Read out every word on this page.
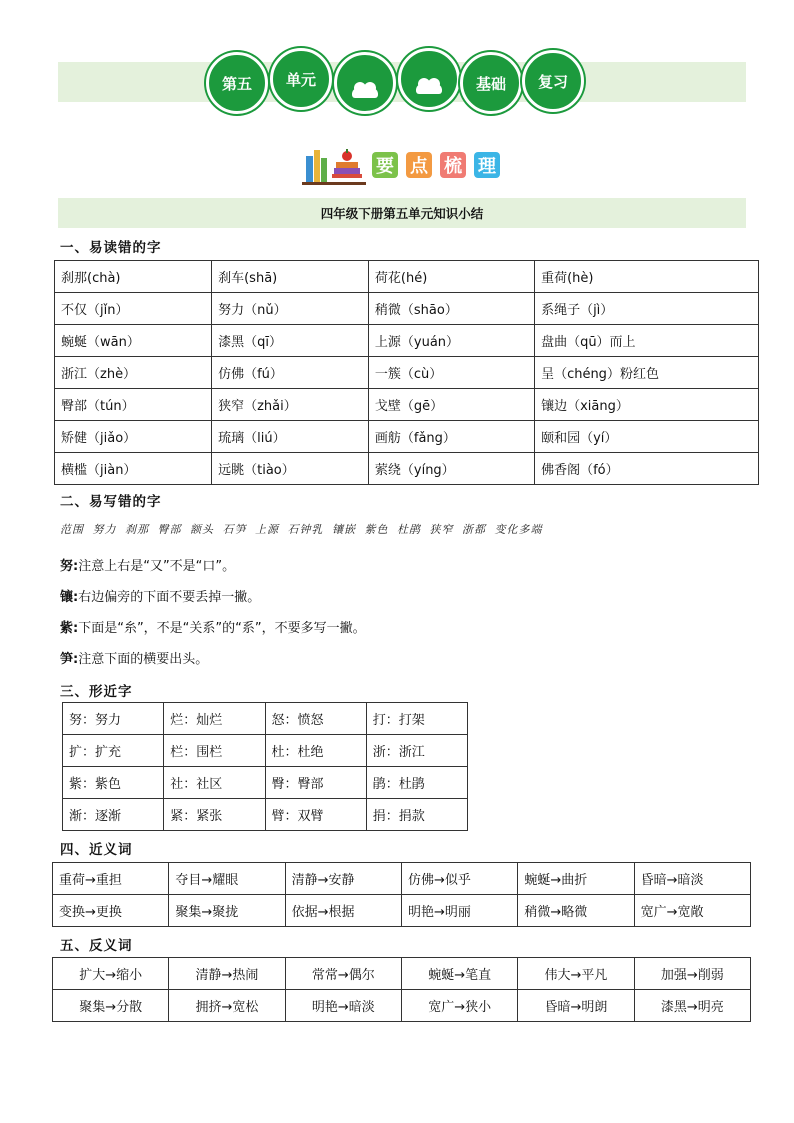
第五 单元	基础 复习
要 点 梳 理
四年级下册第五单元知识小结
一、易读错的字
刹那(chà)	刹车(shā)	荷花(hé)	重荷(hè)
不仅（jǐn）	努力（nǔ）	稍微（shāo）	系绳子（jì）
蜿蜒（wān）	漆黑（qī）	上源（yuán）	盘曲（qū）而上
浙江（zhè）	仿佛（fú）	一簇（cù）	呈（chéng）粉红色
臀部（tún）	狭窄（zhǎi）	戈壁（gē）	镶边（xiāng）
矫健（jiǎo）	琉璃（liú）	画舫（fǎng）	颐和园（yí）
横槛（jiàn）	远眺（tiào）	萦绕（yíng）	佛香阁（fó）
二、易写错的字
范围 努力 刹那 臀部 额头 石笋 上源 石钟乳 镶嵌 紫色 杜鹃 狭窄 浙都 变化多端
努:注意上右是“又”不是“口”。
镶:右边偏旁的下面不要丢掉一撇。
紫:下面是“糸”，不是“关系”的“系”，不要多写一撇。
笋:注意下面的横要出头。
三、形近字
努：努力	烂：灿烂	怒：愤怒	打：打架
扩：扩充	栏：围栏	杜：杜绝	浙：浙江
紫：紫色	社：社区	臀：臀部	鹃：杜鹃
渐：逐渐	紧：紧张	臂：双臂	捐：捐款
四、近义词
重荷→重担	夺目→耀眼	清静→安静	仿佛→似乎	蜿蜒→曲折	昏暗→暗淡
变换→更换	聚集→聚拢	依据→根据	明艳→明丽	稍微→略微	宽广→宽敞
五、反义词
扩大→缩小	清静→热闹	常常→偶尔	蜿蜒→笔直	伟大→平凡	加强→削弱
聚集→分散	拥挤→宽松	明艳→暗淡	宽广→狭小	昏暗→明朗	漆黑→明亮
